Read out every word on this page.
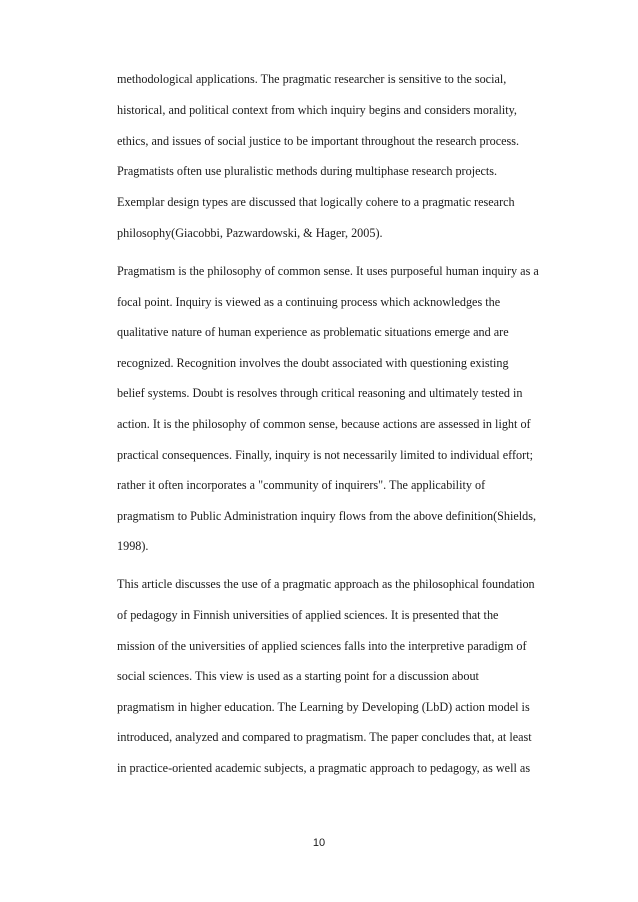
methodological applications. The pragmatic researcher is sensitive to the social,

historical, and political context from which inquiry begins and considers morality,

ethics, and issues of social justice to be important throughout the research process.

Pragmatists often use pluralistic methods during multiphase research projects.

Exemplar design types are discussed that logically cohere to a pragmatic research

philosophy(Giacobbi, Pazwardowski, & Hager, 2005).

Pragmatism is the philosophy of common sense. It uses purposeful human inquiry as a

focal point. Inquiry is viewed as a continuing process which acknowledges the

qualitative nature of human experience as problematic situations emerge and are

recognized. Recognition involves the doubt associated with questioning existing

belief systems. Doubt is resolves through critical reasoning and ultimately tested in

action. It is the philosophy of common sense, because actions are assessed in light of

practical consequences. Finally, inquiry is not necessarily limited to individual effort;

rather it often incorporates a "community of inquirers". The applicability of

pragmatism to Public Administration inquiry flows from the above definition(Shields,

1998).

This article discusses the use of a pragmatic approach as the philosophical foundation

of pedagogy in Finnish universities of applied sciences. It is presented that the

mission of the universities of applied sciences falls into the interpretive paradigm of

social sciences. This view is used as a starting point for a discussion about

pragmatism in higher education. The Learning by Developing (LbD) action model is

introduced, analyzed and compared to pragmatism. The paper concludes that, at least

in practice-oriented academic subjects, a pragmatic approach to pedagogy, as well as

10
